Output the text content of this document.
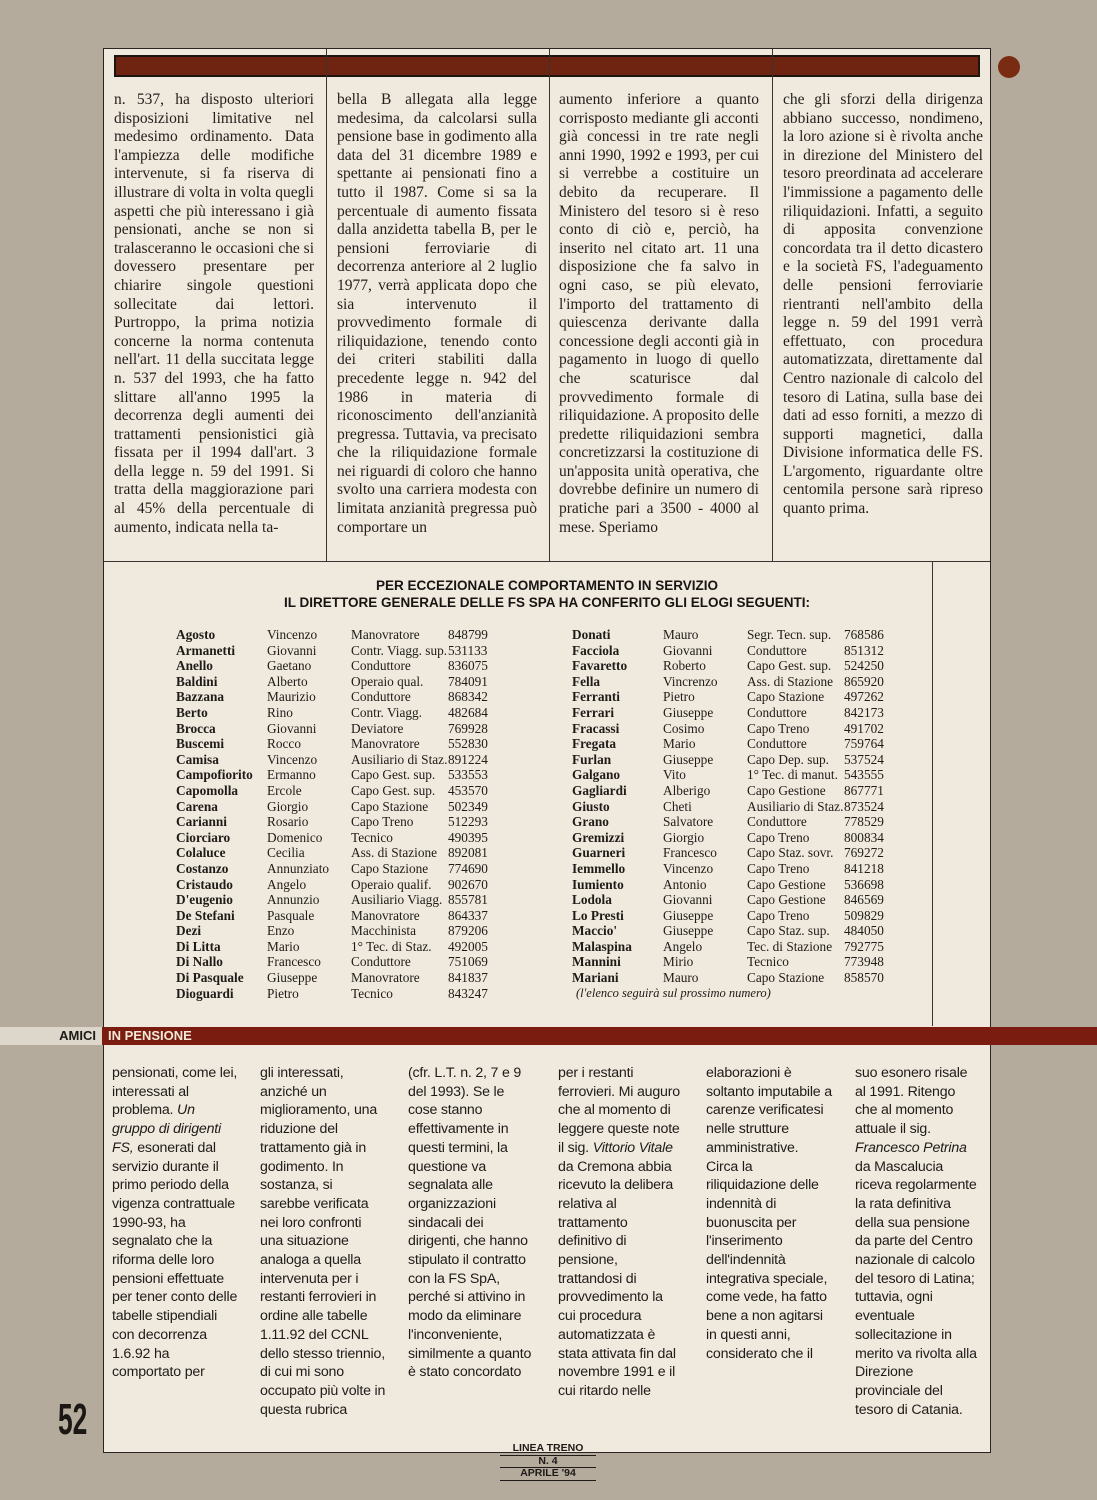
n. 537, ha disposto ulteriori disposizioni limitative nel medesimo ordinamento. Data l'ampiezza delle modifiche intervenute, si fa riserva di illustrare di volta in volta quegli aspetti che più interessano i già pensionati, anche se non si tralasceranno le occasioni che si dovessero presentare per chiarire singole questioni sollecitate dai lettori. Purtroppo, la prima notizia concerne la norma contenuta nell'art. 11 della succitata legge n. 537 del 1993, che ha fatto slittare all'anno 1995 la decorrenza degli aumenti dei trattamenti pensionistici già fissata per il 1994 dall'art. 3 della legge n. 59 del 1991. Si tratta della maggiorazione pari al 45% della percentuale di aumento, indicata nella ta-
bella B allegata alla legge medesima, da calcolarsi sulla pensione base in godimento alla data del 31 dicembre 1989 e spettante ai pensionati fino a tutto il 1987. Come si sa la percentuale di aumento fissata dalla anzidetta tabella B, per le pensioni ferroviarie di decorrenza anteriore al 2 luglio 1977, verrà applicata dopo che sia intervenuto il provvedimento formale di riliquidazione, tenendo conto dei criteri stabiliti dalla precedente legge n. 942 del 1986 in materia di riconoscimento dell'anzianità pregressa. Tuttavia, va precisato che la riliquidazione formale nei riguardi di coloro che hanno svolto una carriera modesta con limitata anzianità pregressa può comportare un
aumento inferiore a quanto corrisposto mediante gli acconti già concessi in tre rate negli anni 1990, 1992 e 1993, per cui si verrebbe a costituire un debito da recuperare. Il Ministero del tesoro si è reso conto di ciò e, perciò, ha inserito nel citato art. 11 una disposizione che fa salvo in ogni caso, se più elevato, l'importo del trattamento di quiescenza derivante dalla concessione degli acconti già in pagamento in luogo di quello che scaturisce dal provvedimento formale di riliquidazione. A proposito delle predette riliquidazioni sembra concretizzarsi la costituzione di un'apposita unità operativa, che dovrebbe definire un numero di pratiche pari a 3500 - 4000 al mese. Speriamo
che gli sforzi della dirigenza abbiano successo, nondimeno, la loro azione si è rivolta anche in direzione del Ministero del tesoro preordinata ad accelerare l'immissione a pagamento delle riliquidazioni. Infatti, a seguito di apposita convenzione concordata tra il detto dicastero e la società FS, l'adeguamento delle pensioni ferroviarie rientranti nell'ambito della legge n. 59 del 1991 verrà effettuato, con procedura automatizzata, direttamente dal Centro nazionale di calcolo del tesoro di Latina, sulla base dei dati ad esso forniti, a mezzo di supporti magnetici, dalla Divisione informatica delle FS. L'argomento, riguardante oltre centomila persone sarà ripreso quanto prima.
PER ECCEZIONALE COMPORTAMENTO IN SERVIZIO
IL DIRETTORE GENERALE DELLE FS SPA HA CONFERITO GLI ELOGI SEGUENTI:
Agosto	Vincenzo	Manovratore	848799
Armanetti	Giovanni	Contr. Viagg. sup. 531133
Anello	Gaetano	Conduttore	836075
Baldini	Alberto	Operaio qual.	784091
Bazzana	Maurizio	Conduttore	868342
Berto	Rino	Contr. Viagg.	482684
Brocca	Giovanni	Deviatore	769928
Buscemi	Rocco	Manovratore	552830
Camisa	Vincenzo	Ausiliario di Staz. 891224
Campofiorito	Ermanno	Capo Gest. sup. 533553
Capomolla	Ercole	Capo Gest. sup. 453570
Carena	Giorgio	Capo Stazione	502349
Carianni	Rosario	Capo Treno	512293
Ciorciaro	Domenico	Tecnico	490395
Colaluce	Cecilia	Ass. di Stazione 892081
Costanzo	Annunziato	Capo Stazione	774690
Cristaudo	Angelo	Operaio qualif.	902670
D'eugenio	Annunzio	Ausiliario Viagg. 855781
De Stefani	Pasquale	Manovratore	864337
Dezi	Enzo	Macchinista	879206
Di Litta	Mario	1° Tec. di Staz.	492005
Di Nallo	Francesco	Conduttore	751069
Di Pasquale	Giuseppe	Manovratore	841837
Dioguardi	Pietro	Tecnico	843247
Donati	Mauro	Segr. Tecn. sup. 768586
Facciola	Giovanni	Conduttore	851312
Favaretto	Roberto	Capo Gest. sup. 524250
Fella	Vincrenzo	Ass. di Stazione 865920
Ferranti	Pietro	Capo Stazione	497262
Ferrari	Giuseppe	Conduttore	842173
Fracassi	Cosimo	Capo Treno	491702
Fregata	Mario	Conduttore	759764
Furlan	Giuseppe	Capo Dep. sup.	537524
Galgano	Vito	1° Tec. di manut. 543555
Gagliardi	Alberigo	Capo Gestione	867771
Giusto	Cheti	Ausiliario di Staz. 873524
Grano	Salvatore	Conduttore	778529
Gremizzi	Giorgio	Capo Treno	800834
Guarneri	Francesco	Capo Staz. sovr. 769272
Iemmello	Vincenzo	Capo Treno	841218
Iumiento	Antonio	Capo Gestione	536698
Lodola	Giovanni	Capo Gestione	846569
Lo Presti	Giuseppe	Capo Treno	509829
Maccio'	Giuseppe	Capo Staz. sup.	484050
Malaspina	Angelo	Tec. di Stazione 792775
Mannini	Mirio	Tecnico	773948
Mariani	Mauro	Capo Stazione	858570
(l'elenco seguirà sul prossimo numero)
AMICI IN PENSIONE
pensionati, come lei, interessati al problema. Un gruppo di dirigenti FS, esonerati dal servizio durante il primo periodo della vigenza contrattuale 1990-93, ha segnalato che la riforma delle loro pensioni effettuate per tener conto delle tabelle stipendiali con decorrenza 1.6.92 ha comportato per
gli interessati, anziché un miglioramento, una riduzione del trattamento già in godimento. In sostanza, si sarebbe verificata nei loro confronti una situazione analoga a quella intervenuta per i restanti ferrovieri in ordine alle tabelle 1.11.92 del CCNL dello stesso triennio, di cui mi sono occupato più volte in questa rubrica
(cfr. L.T. n. 2, 7 e 9 del 1993). Se le cose stanno effettivamente in questi termini, la questione va segnalata alle organizzazioni sindacali dei dirigenti, che hanno stipulato il contratto con la FS SpA, perché si attivino in modo da eliminare l'inconveniente, similmente a quanto è stato concordato
per i restanti ferrovieri. Mi auguro che al momento di leggere queste note il sig. Vittorio Vitale da Cremona abbia ricevuto la delibera relativa al trattamento definitivo di pensione, trattandosi di provvedimento la cui procedura automatizzata è stata attivata fin dal novembre 1991 e il cui ritardo nelle
elaborazioni è soltanto imputabile a carenze verificatesi nelle strutture amministrative. Circa la riliquidazione delle indennità di buonuscita per l'inserimento dell'indennità integrativa speciale, come vede, ha fatto bene a non agitarsi in questi anni, considerato che il
suo esonero risale al 1991. Ritengo che al momento attuale il sig. Francesco Petrina da Mascalucia riceva regolarmente la rata definitiva della sua pensione da parte del Centro nazionale di calcolo del tesoro di Latina; tuttavia, ogni eventuale sollecitazione in merito va rivolta alla Direzione provinciale del tesoro di Catania.
52
LINEA TRENO
N. 4
APRILE '94
